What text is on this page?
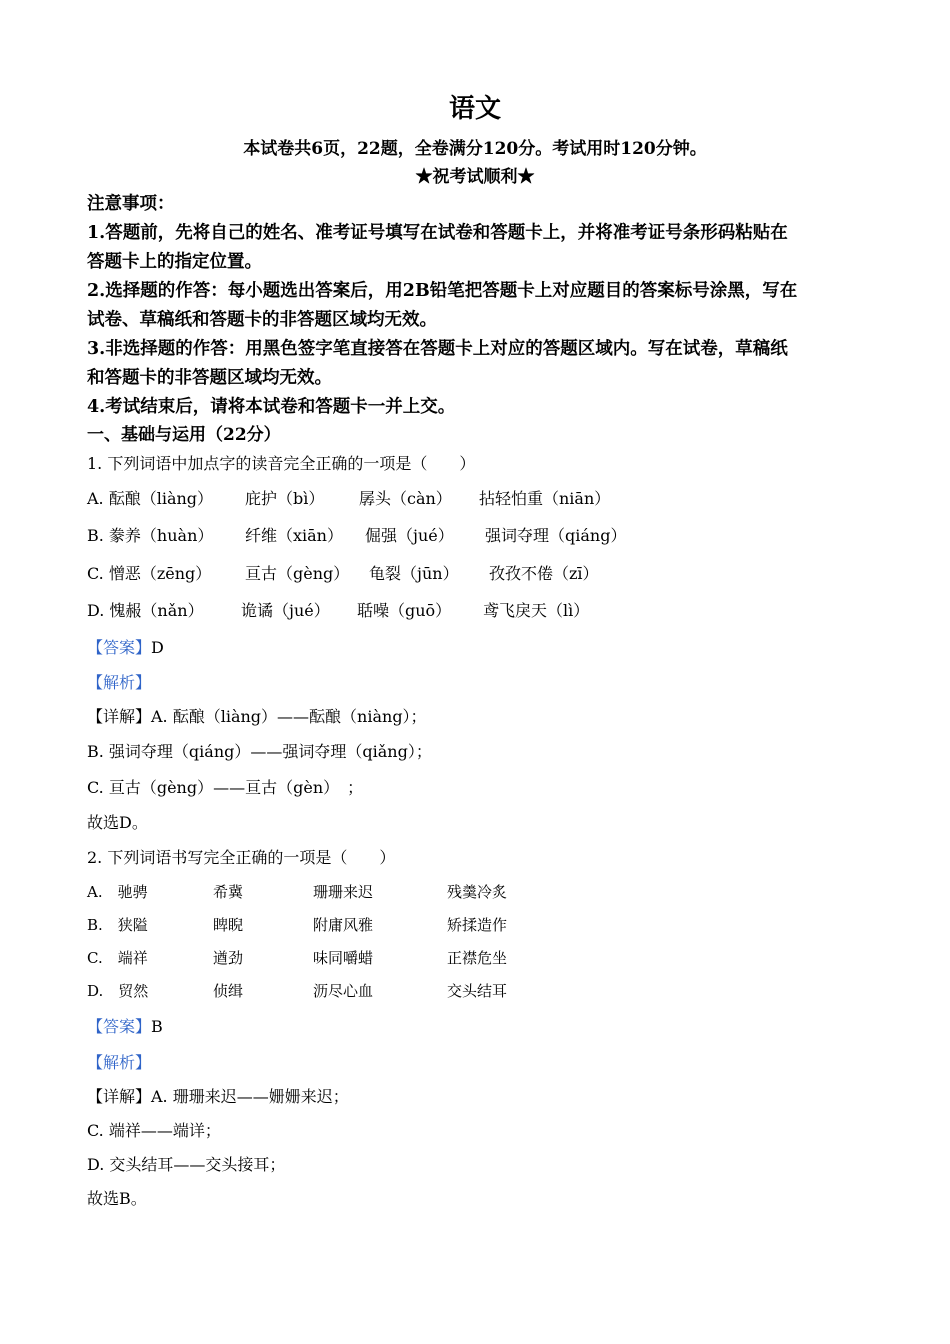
语文
本试卷共6页，22题，全卷满分120分。考试用时120分钟。
★祝考试顺利★
注意事项：
1.答题前，先将自己的姓名、准考证号填写在试卷和答题卡上，并将准考证号条形码粘贴在
答题卡上的指定位置。
2.选择题的作答：每小题选出答案后，用2B铅笔把答题卡上对应题目的答案标号涂黑，写在
试卷、草稿纸和答题卡的非答题区域均无效。
3.非选择题的作答：用黑色签字笔直接答在答题卡上对应的答题区域内。写在试卷，草稿纸
和答题卡的非答题区域均无效。
4.考试结束后，请将本试卷和答题卡一并上交。
一、基础与运用（22分）
1. 下列词语中加点字的读音完全正确的一项是（　　）
A. 酝酿（liàng） 庇护（bì） 孱头（càn） 拈轻怕重（niān）
B. 豢养（huàn） 纤维（xiān） 倔强（jué） 强词夺理（qiáng）
C. 憎恶（zēng） 亘古（gèng） 龟裂（jūn） 孜孜不倦（zī）
D. 愧赧（nǎn） 诡谲（jué） 聒噪（guō） 鸢飞戾天（lì）
【答案】D
【解析】
【详解】A. 酝酿（liàng）——酝酿（niàng）；
B. 强词夺理（qiáng）——强词夺理（qiǎng）；
C. 亘古（gèng）——亘古（gèn）　；
故选D。
2. 下列词语书写完全正确的一项是（　　）
A.　驰骋	希冀	珊珊来迟	残羹冷炙
B.　狭隘	睥睨	附庸风雅	矫揉造作
C.　端祥	遒劲	味同嚼蜡	正襟危坐
D.　贸然	侦缉	沥尽心血	交头结耳
【答案】B
【解析】
【详解】A. 珊珊来迟——姗姗来迟；
C. 端祥——端详；
D. 交头结耳——交头接耳；
故选B。
